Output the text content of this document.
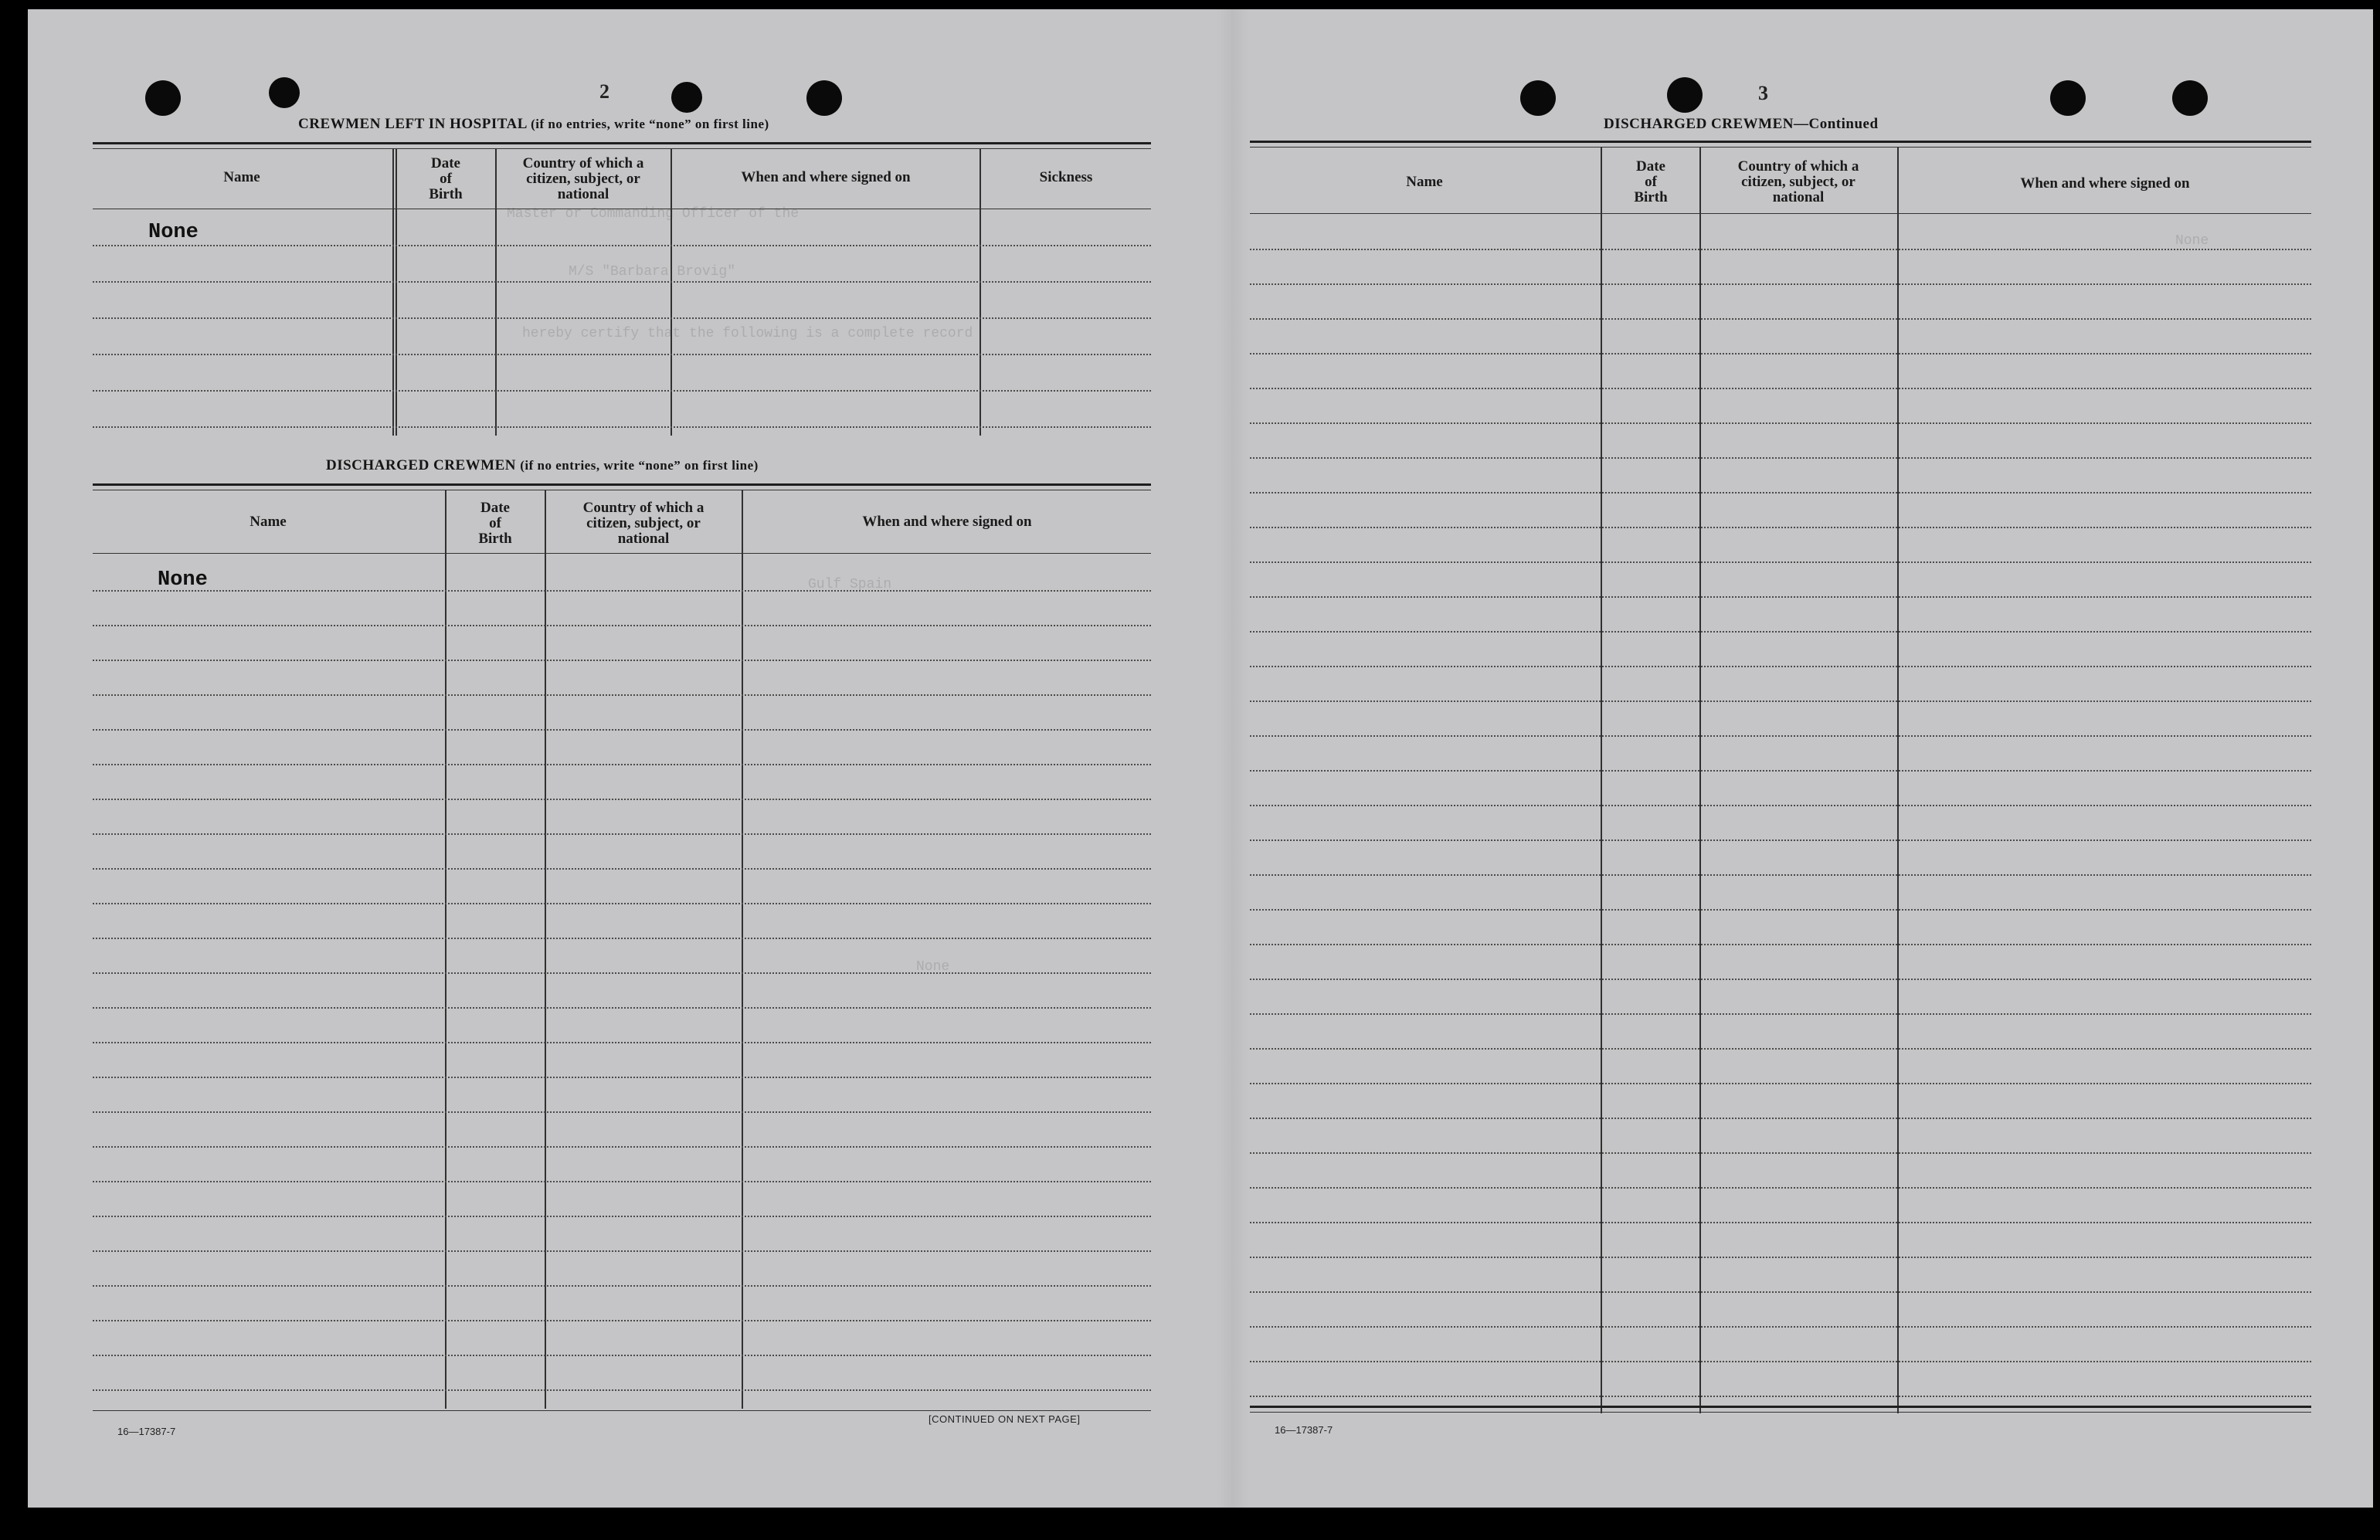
Master or Commanding Officer of the
M/S "Barbara Brovig"
hereby certify that the following is a complete record
Gulf Spain
None
None
2
CREWMEN LEFT IN HOSPITAL (if no entries, write “none” on first line)
Name
Date
of
Birth
Country of which a
citizen, subject, or
national
When and where signed on	Sickness
None
DISCHARGED CREWMEN (if no entries, write “none” on first line)
Name
Date
of
Birth
Country of which a
citizen, subject, or
national
When and where signed on
None
16—17387-7
[CONTINUED ON NEXT PAGE]
3
DISCHARGED CREWMEN—Continued
Name
Date
of
Birth
Country of which a
citizen, subject, or
national
When and where signed on
16—17387-7
